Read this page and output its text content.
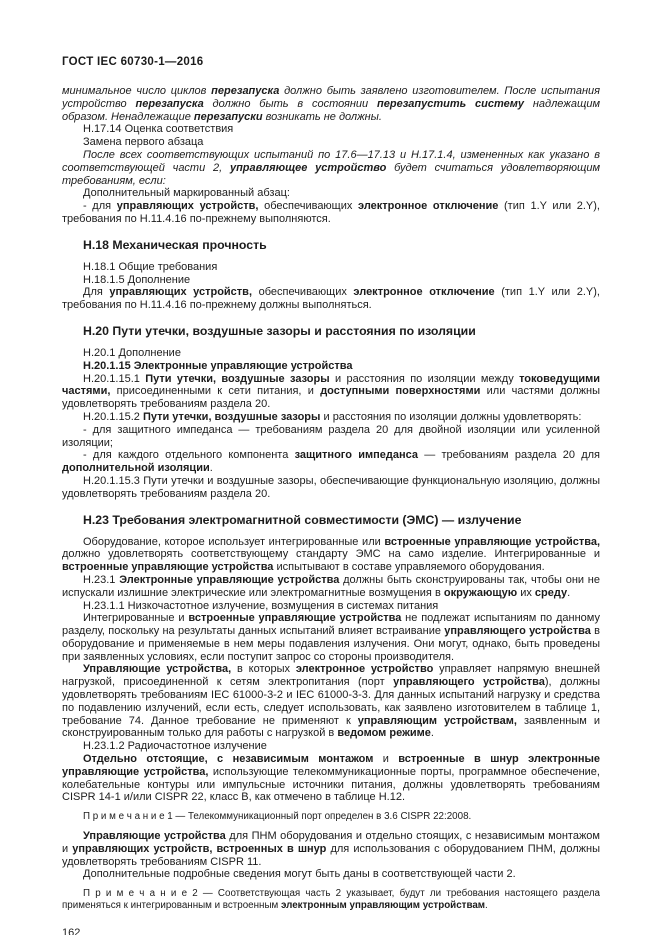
ГОСТ IEC 60730-1—2016
минимальное число циклов перезапуска должно быть заявлено изготовителем. После испытания устройство перезапуска должно быть в состоянии перезапустить систему надлежащим образом. Ненадлежащие перезапуски возникать не должны.
Н.17.14 Оценка соответствия
Замена первого абзаца
После всех соответствующих испытаний по 17.6—17.13 и Н.17.1.4, измененных как указано в соответствующей части 2, управляющее устройство будет считаться удовлетворяющим требованиям, если:
Дополнительный маркированный абзац:
- для управляющих устройств, обеспечивающих электронное отключение (тип 1.Y или 2.Y), требования по Н.11.4.16 по-прежнему выполняются.
Н.18 Механическая прочность
Н.18.1 Общие требования
Н.18.1.5 Дополнение
Для управляющих устройств, обеспечивающих электронное отключение (тип 1.Y или 2.Y), требования по Н.11.4.16 по-прежнему должны выполняться.
Н.20 Пути утечки, воздушные зазоры и расстояния по изоляции
Н.20.1 Дополнение
Н.20.1.15 Электронные управляющие устройства
Н.20.1.15.1 Пути утечки, воздушные зазоры и расстояния по изоляции между токоведущими частями, присоединенными к сети питания, и доступными поверхностями или частями должны удовлетворять требованиям раздела 20.
Н.20.1.15.2 Пути утечки, воздушные зазоры и расстояния по изоляции должны удовлетворять:
- для защитного импеданса — требованиям раздела 20 для двойной изоляции или усиленной изоляции;
- для каждого отдельного компонента защитного импеданса — требованиям раздела 20 для дополнительной изоляции.
Н.20.1.15.3 Пути утечки и воздушные зазоры, обеспечивающие функциональную изоляцию, должны удовлетворять требованиям раздела 20.
Н.23 Требования электромагнитной совместимости (ЭМС) — излучение
Оборудование, которое использует интегрированные или встроенные управляющие устройства, должно удовлетворять соответствующему стандарту ЭМС на само изделие. Интегрированные и встроенные управляющие устройства испытывают в составе управляемого оборудования.
Н.23.1 Электронные управляющие устройства должны быть сконструированы так, чтобы они не испускали излишние электрические или электромагнитные возмущения в окружающую их среду.
Н.23.1.1 Низкочастотное излучение, возмущения в системах питания
Интегрированные и встроенные управляющие устройства не подлежат испытаниям по данному разделу, поскольку на результаты данных испытаний влияет встраивание управляющего устройства в оборудование и применяемые в нем меры подавления излучения. Они могут, однако, быть проведены при заявленных условиях, если поступит запрос со стороны производителя.
Управляющие устройства, в которых электронное устройство управляет напрямую внешней нагрузкой, присоединенной к сетям электропитания (порт управляющего устройства), должны удовлетворять требованиям IEC 61000-3-2 и IEC 61000-3-3. Для данных испытаний нагрузку и средства по подавлению излучений, если есть, следует использовать, как заявлено изготовителем в таблице 1, требование 74. Данное требование не применяют к управляющим устройствам, заявленным и сконструированным только для работы с нагрузкой в ведомом режиме.
Н.23.1.2 Радиочастотное излучение
Отдельно отстоящие, с независимым монтажом и встроенные в шнур электронные управляющие устройства, использующие телекоммуникационные порты, программное обеспечение, колебательные контуры или импульсные источники питания, должны удовлетворять требованиям CISPR 14-1 и/или CISPR 22, класс В, как отмечено в таблице Н.12.
П р и м е ч а н и е 1 — Телекоммуникационный порт определен в 3.6 CISPR 22:2008.
Управляющие устройства для ПНМ оборудования и отдельно стоящих, с независимым монтажом и управляющих устройств, встроенных в шнур для использования с оборудованием ПНМ, должны удовлетворять требованиям CISPR 11.
Дополнительные подробные сведения могут быть даны в соответствующей части 2.
П р и м е ч а н и е 2 — Соответствующая часть 2 указывает, будут ли требования настоящего раздела применяться к интегрированным и встроенным электронным управляющим устройствам.
162
